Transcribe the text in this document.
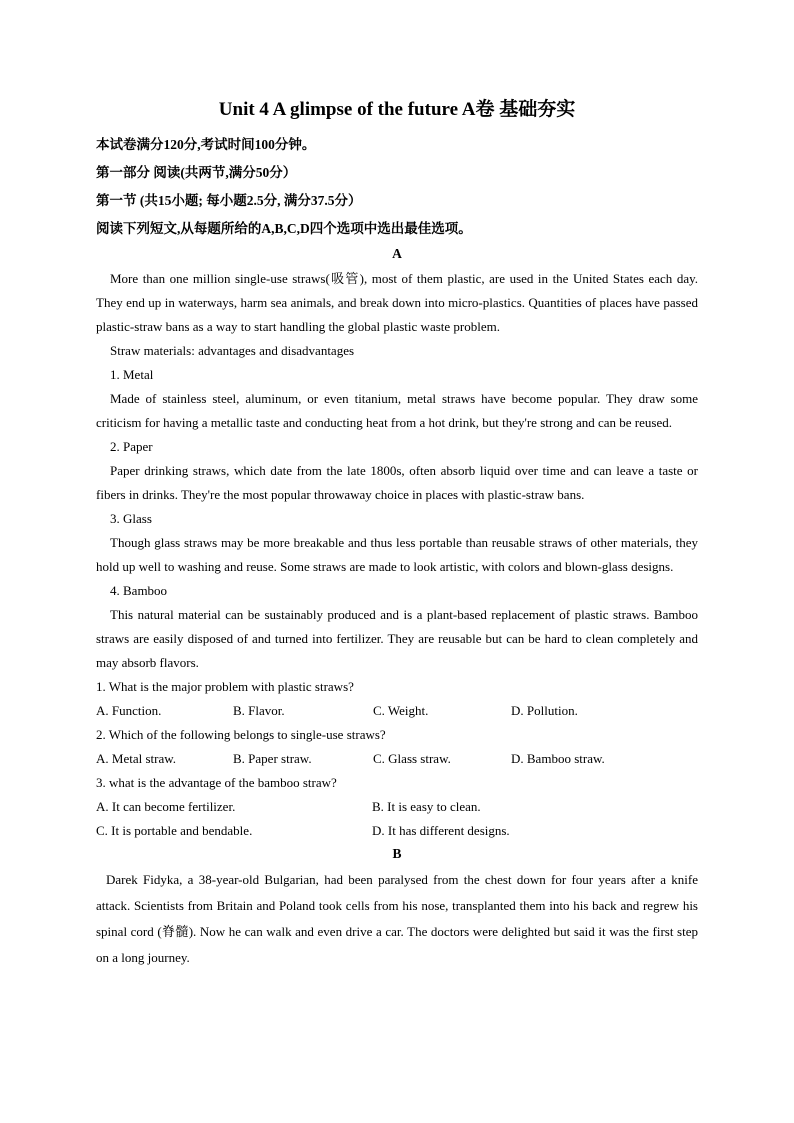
Unit 4 A glimpse of the future A卷 基础夯实

本试卷满分120分,考试时间100分钟。

第一部分 阅读(共两节,满分50分）

第一节 (共15小题; 每小题2.5分, 满分37.5分）

阅读下列短文,从每题所给的A,B,C,D四个选项中选出最佳选项。

A

More than one million single-use straws(吸管), most of them plastic, are used in the United States each day. They end up in waterways, harm sea animals, and break down into micro-plastics. Quantities of places have passed plastic-straw bans as a way to start handling the global plastic waste problem.

Straw materials: advantages and disadvantages

1. Metal

Made of stainless steel, aluminum, or even titanium, metal straws have become popular. They draw some criticism for having a metallic taste and conducting heat from a hot drink, but they're strong and can be reused.

2. Paper

Paper drinking straws, which date from the late 1800s, often absorb liquid over time and can leave a taste or fibers in drinks. They're the most popular throwaway choice in places with plastic-straw bans.

3. Glass

Though glass straws may be more breakable and thus less portable than reusable straws of other materials, they hold up well to washing and reuse. Some straws are made to look artistic, with colors and blown-glass designs.

4. Bamboo

This natural material can be sustainably produced and is a plant-based replacement of plastic straws. Bamboo straws are easily disposed of and turned into fertilizer. They are reusable but can be hard to clean completely and may absorb flavors.

1. What is the major problem with plastic straws?

A. Function.	B. Flavor.	C. Weight.	D. Pollution.

2. Which of the following belongs to single-use straws?

A. Metal straw.	B. Paper straw.	C. Glass straw.	D. Bamboo straw.

3. what is the advantage of the bamboo straw?

A. It can become fertilizer.	B. It is easy to clean.
C. It is portable and bendable.	D. It has different designs.
B

Darek Fidyka, a 38-year-old Bulgarian, had been paralysed from the chest down for four years after a knife attack. Scientists from Britain and Poland took cells from his nose, transplanted them into his back and regrew his spinal cord (脊髓). Now he can walk and even drive a car. The doctors were delighted but said it was the first step on a long journey.
